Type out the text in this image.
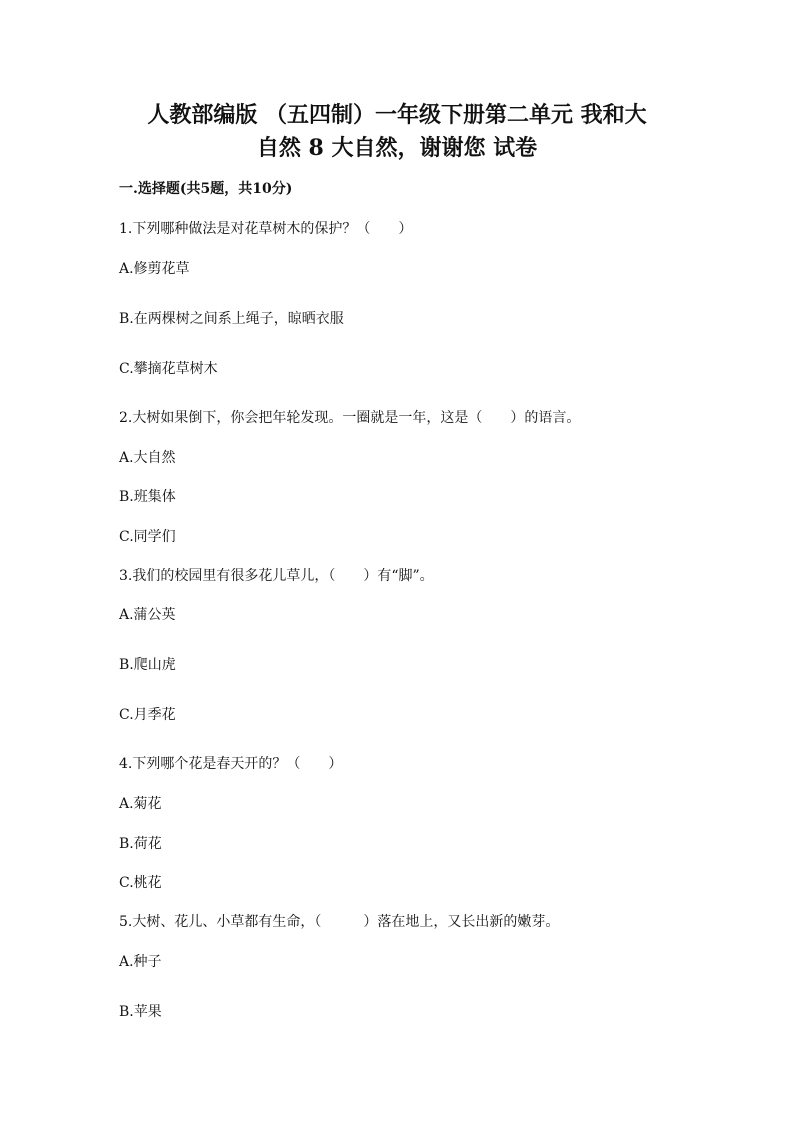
人教部编版 （五四制）一年级下册第二单元 我和大
自然 8 大自然，谢谢您 试卷
一.选择题(共5题，共10分)
1.下列哪种做法是对花草树木的保护？（　　）
A.修剪花草
B.在两棵树之间系上绳子，晾晒衣服
C.攀摘花草树木
2.大树如果倒下，你会把年轮发现。一圈就是一年，这是（　　）的语言。
A.大自然
B.班集体
C.同学们
3.我们的校园里有很多花儿草儿，（　　）有“脚”。
A.蒲公英
B.爬山虎
C.月季花
4.下列哪个花是春天开的？（　　）
A.菊花
B.荷花
C.桃花
5.大树、花儿、小草都有生命，（　　　）落在地上，又长出新的嫩芽。
A.种子
B.苹果
